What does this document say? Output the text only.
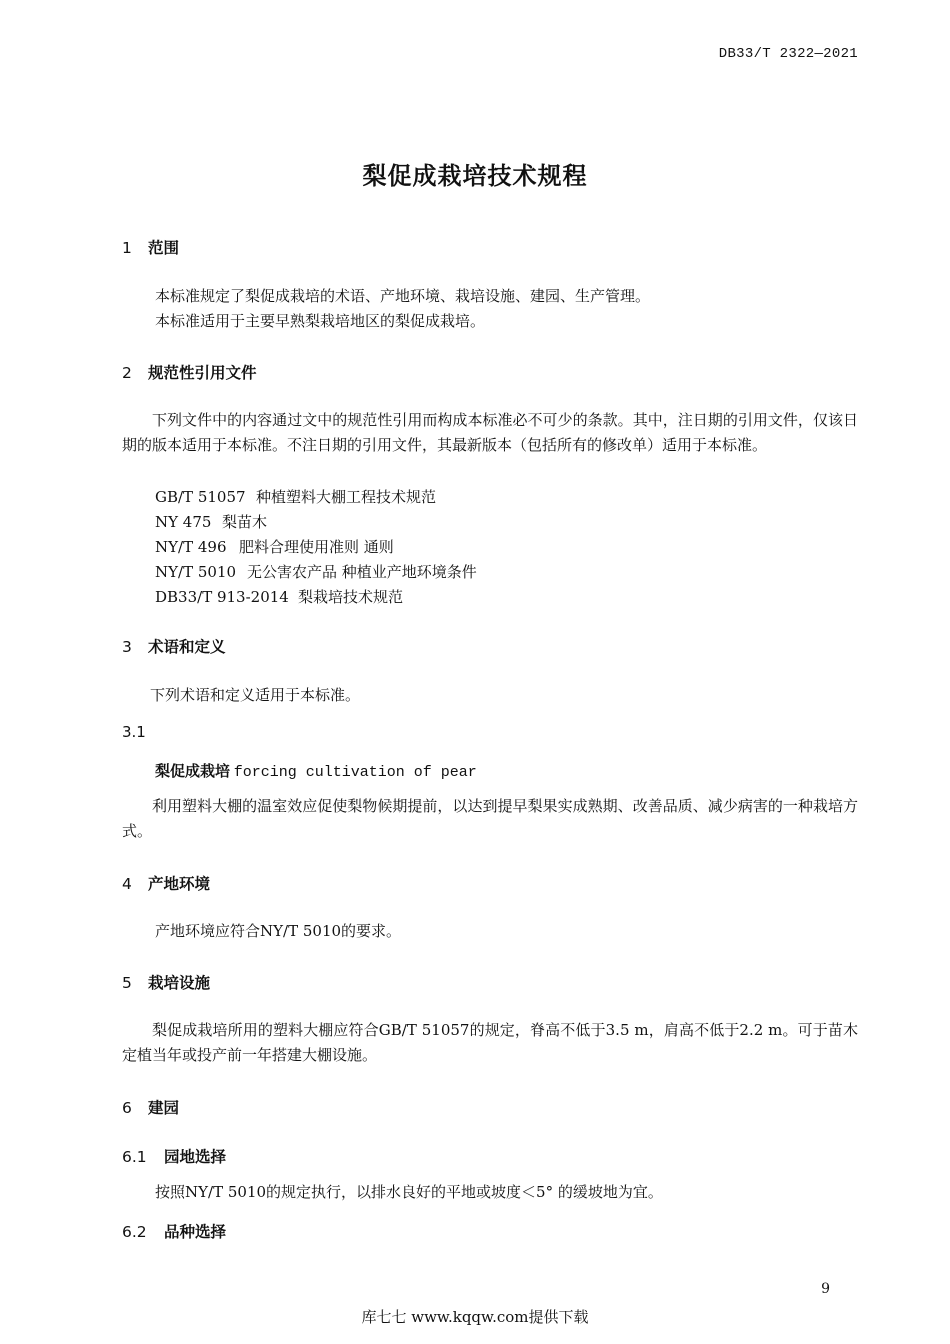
DB33/T 2322—2021
梨促成栽培技术规程
1 范围
本标准规定了梨促成栽培的术语、产地环境、栽培设施、建园、生产管理。
本标准适用于主要早熟梨栽培地区的梨促成栽培。
2 规范性引用文件
下列文件中的内容通过文中的规范性引用而构成本标准必不可少的条款。其中，注日期的引用文件，仅该日期的版本适用于本标准。不注日期的引用文件，其最新版本（包括所有的修改单）适用于本标准。
GB/T 51057 种植塑料大棚工程技术规范
NY 475 梨苗木
NY/T 496 肥料合理使用准则 通则
NY/T 5010 无公害农产品 种植业产地环境条件
DB33/T 913-2014 梨栽培技术规范
3 术语和定义
下列术语和定义适用于本标准。
3.1
梨促成栽培 forcing cultivation of pear
利用塑料大棚的温室效应促使梨物候期提前，以达到提早梨果实成熟期、改善品质、减少病害的一种栽培方式。
4 产地环境
产地环境应符合NY/T 5010的要求。
5 栽培设施
梨促成栽培所用的塑料大棚应符合GB/T 51057的规定，脊高不低于3.5 m，肩高不低于2.2 m。可于苗木定植当年或投产前一年搭建大棚设施。
6 建园
6.1 园地选择
按照NY/T 5010的规定执行，以排水良好的平地或坡度＜5° 的缓坡地为宜。
6.2 品种选择
9
库七七 www.kqqw.com提供下载
